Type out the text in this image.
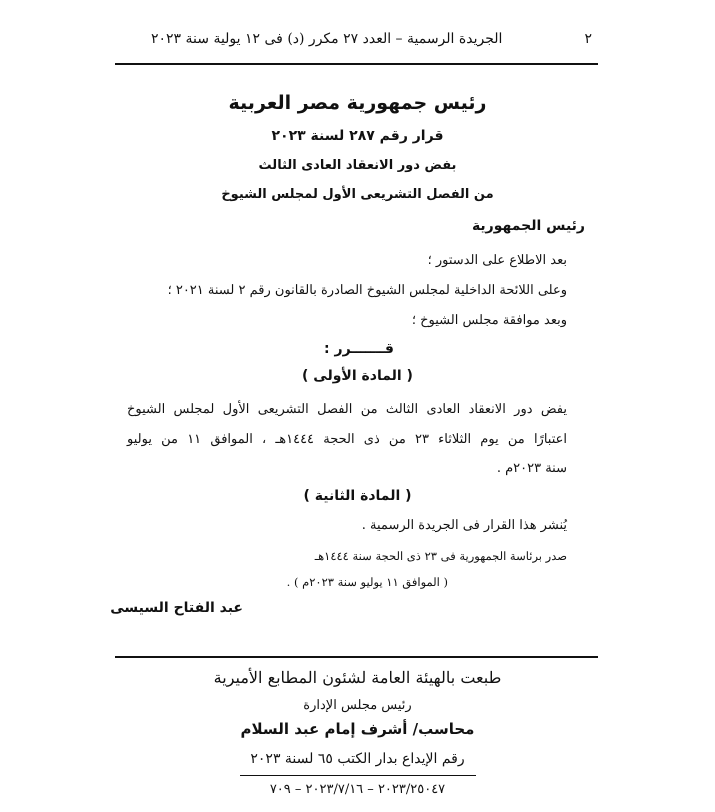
٢
الجريدة الرسمية – العدد ٢٧ مكرر (د) فى ١٢ يولية سنة ٢٠٢٣
رئيس جمهورية مصر العربية
قرار رقم ٢٨٧ لسنة ٢٠٢٣
بفض دور الانعقاد العادى الثالث
من الفصل التشريعى الأول لمجلس الشيوخ
رئيس الجمهورية
بعد الاطلاع على الدستور ؛
وعلى اللائحة الداخلية لمجلس الشيوخ الصادرة بالقانون رقم ٢ لسنة ٢٠٢١ ؛
وبعد موافقة مجلس الشيوخ ؛
قـــــــرر :
( المادة الأولى )
يفض دور الانعقاد العادى الثالث من الفصل التشريعى الأول لمجلس الشيوخ
اعتبارًا من يوم الثلاثاء ٢٣ من ذى الحجة ١٤٤٤هـ ، الموافق ١١ من يوليو
سنة ٢٠٢٣م .
( المادة الثانية )
يُنشر هذا القرار فى الجريدة الرسمية .
صدر برئاسة الجمهورية فى ٢٣ ذى الحجة سنة ١٤٤٤هـ
( الموافق ١١ يوليو سنة ٢٠٢٣م ) .
عبد الفتاح السيسى
طبعت بالهيئة العامة لشئون المطابع الأميرية
رئيس مجلس الإدارة
محاسب/ أشرف إمام عبد السلام
رقم الإيداع بدار الكتب ٦٥ لسنة ٢٠٢٣
٢٠٢٣/٢٥٠٤٧ – ٢٠٢٣/٧/١٦ – ٧٠٩
